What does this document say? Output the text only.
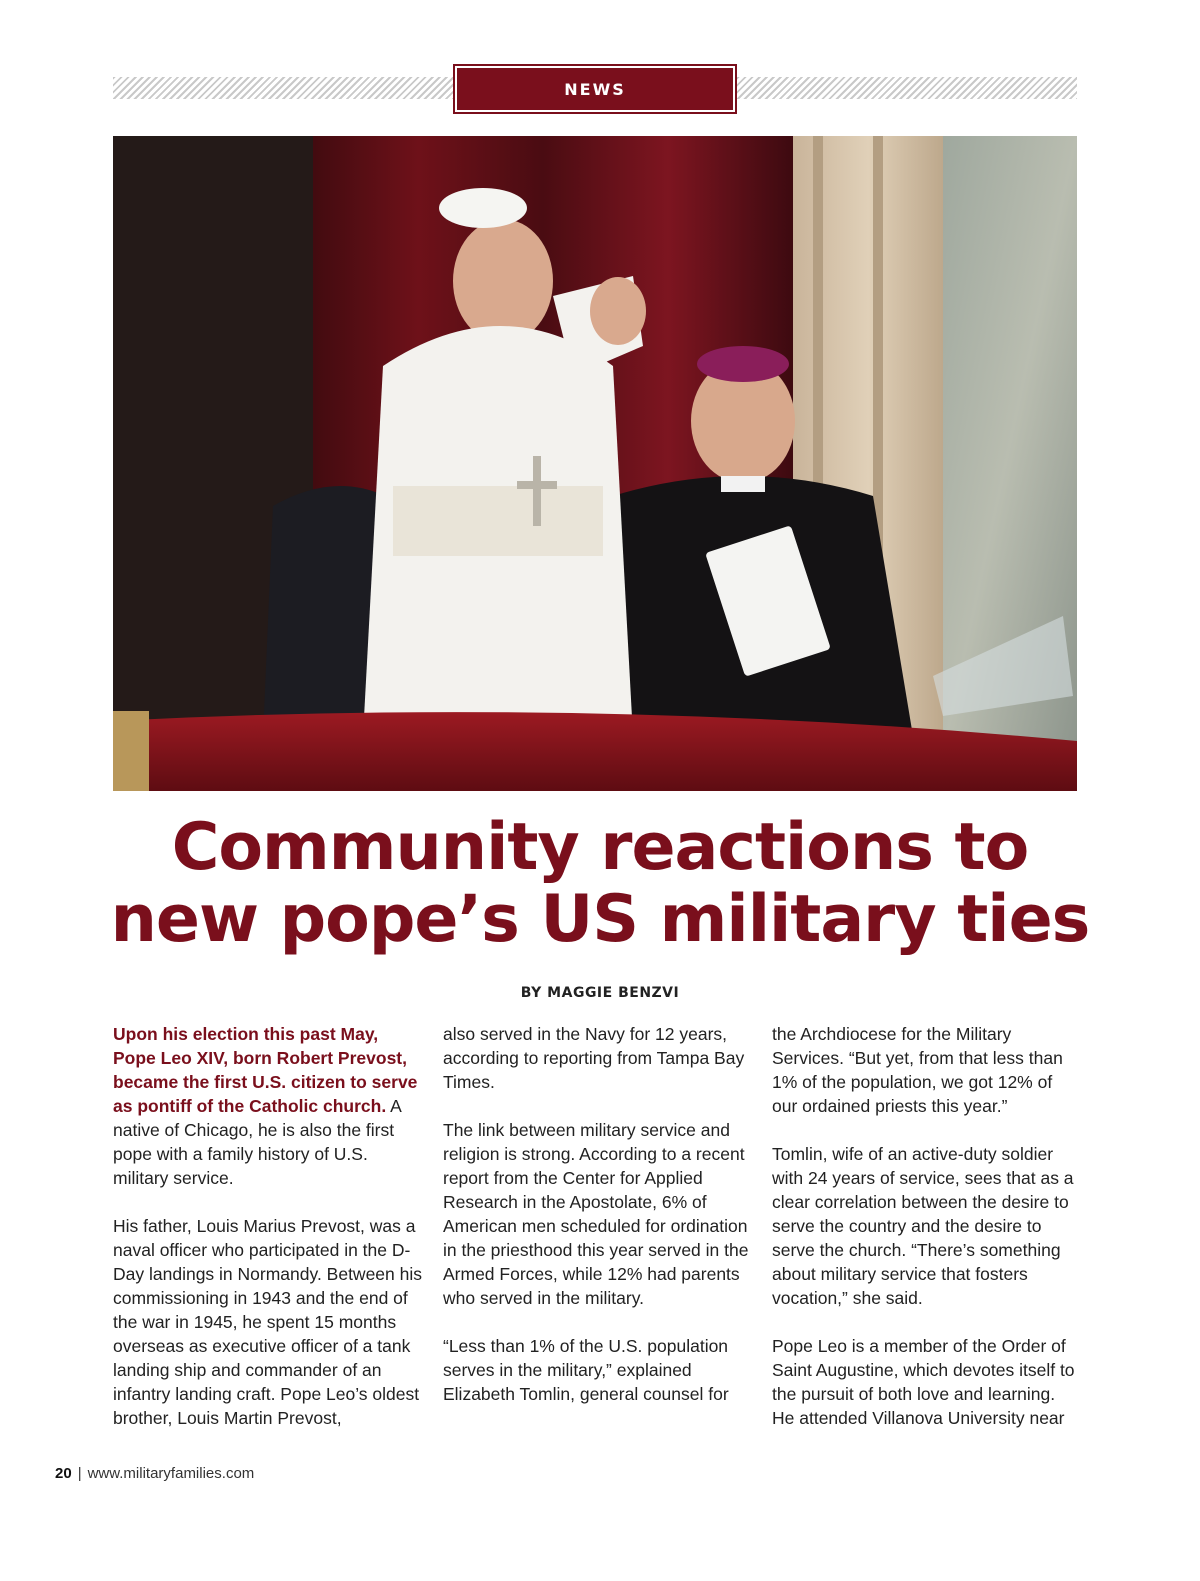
NEWS
Community reactions to
new pope’s US military ties
BY MAGGIE BENZVI

Upon his election this past May, Pope Leo XIV, born Robert Prevost, became the first U.S. citizen to serve as pontiff of the Catholic church. A native of Chicago, he is also the first pope with a family history of U.S. military service.

His father, Louis Marius Prevost, was a naval officer who participated in the D-Day landings in Normandy. Between his commissioning in 1943 and the end of the war in 1945, he spent 15 months overseas as executive officer of a tank landing ship and commander of an infantry landing craft. Pope Leo’s oldest brother, Louis Martin Prevost,

also served in the Navy for 12 years, according to reporting from Tampa Bay Times.

The link between military service and religion is strong. According to a recent report from the Center for Applied Research in the Apostolate, 6% of American men scheduled for ordination in the priesthood this year served in the Armed Forces, while 12% had parents who served in the military.

“Less than 1% of the U.S. population serves in the military,” explained Elizabeth Tomlin, general counsel for

the Archdiocese for the Military Services. “But yet, from that less than 1% of the population, we got 12% of our ordained priests this year.”

Tomlin, wife of an active-duty soldier with 24 years of service, sees that as a clear correlation between the desire to serve the country and the desire to serve the church. “There’s something about military service that fosters vocation,” she said.

Pope Leo is a member of the Order of Saint Augustine, which devotes itself to the pursuit of both love and learning. He attended Villanova University near

20 | www.militaryfamilies.com
